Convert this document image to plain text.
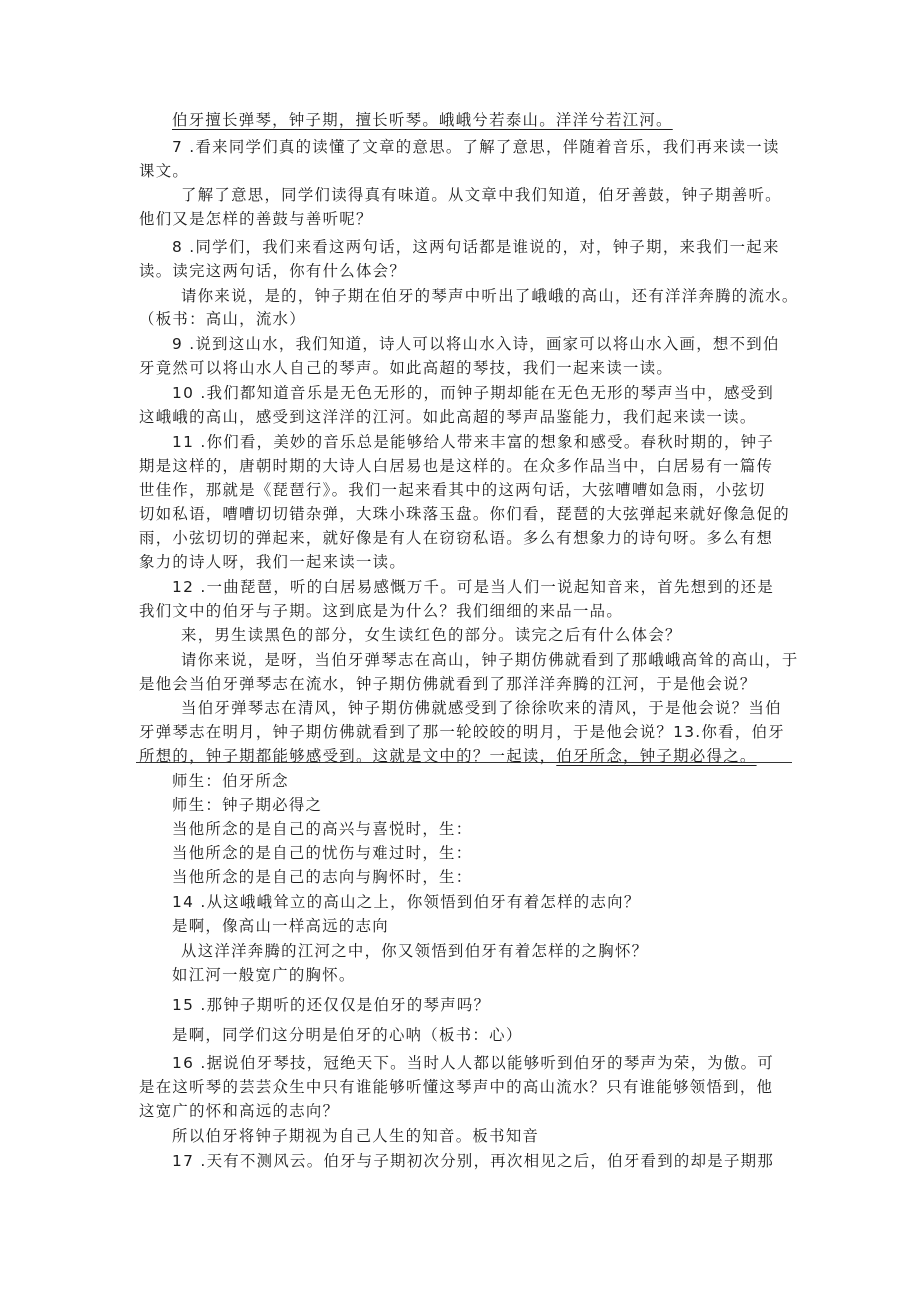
伯牙擅长弹琴，钟子期，擅长听琴。峨峨兮若泰山。洋洋兮若江河。
7 .看来同学们真的读懂了文章的意思。了解了意思，伴随着音乐，我们再来读一读
课文。
了解了意思，同学们读得真有味道。从文章中我们知道，伯牙善鼓，钟子期善听。
他们又是怎样的善鼓与善听呢？
8 .同学们，我们来看这两句话，这两句话都是谁说的，对，钟子期，来我们一起来
读。读完这两句话，你有什么体会？
请你来说，是的，钟子期在伯牙的琴声中听出了峨峨的高山，还有洋洋奔腾的流水。
（板书：高山，流水）
9 .说到这山水，我们知道，诗人可以将山水入诗，画家可以将山水入画，想不到伯
牙竟然可以将山水人自己的琴声。如此高超的琴技，我们一起来读一读。
10 .我们都知道音乐是无色无形的，而钟子期却能在无色无形的琴声当中，感受到
这峨峨的高山，感受到这洋洋的江河。如此高超的琴声品鉴能力，我们起来读一读。
11 .你们看，美妙的音乐总是能够给人带来丰富的想象和感受。春秋时期的，钟子
期是这样的，唐朝时期的大诗人白居易也是这样的。在众多作品当中，白居易有一篇传
世佳作，那就是《琵琶行》。我们一起来看其中的这两句话，大弦嘈嘈如急雨，小弦切
切如私语，嘈嘈切切错杂弹，大珠小珠落玉盘。你们看，琵琶的大弦弹起来就好像急促的
雨，小弦切切的弹起来，就好像是有人在窃窃私语。多么有想象力的诗句呀。多么有想
象力的诗人呀，我们一起来读一读。
12 .一曲琵琶，听的白居易感慨万千。可是当人们一说起知音来，首先想到的还是
我们文中的伯牙与子期。这到底是为什么？我们细细的来品一品。
来，男生读黑色的部分，女生读红色的部分。读完之后有什么体会？
请你来说，是呀，当伯牙弹琴志在高山，钟子期仿佛就看到了那峨峨高耸的高山，于
是他会当伯牙弹琴志在流水，钟子期仿佛就看到了那洋洋奔腾的江河，于是他会说？
当伯牙弹琴志在清风，钟子期仿佛就感受到了徐徐吹来的清风，于是他会说？当伯
牙弹琴志在明月，钟子期仿佛就看到了那一轮皎皎的明月，于是他会说？13.你看，伯牙
所想的，钟子期都能够感受到。这就是文中的？一起读，伯牙所念，钟子期必得之。
师生：伯牙所念
师生：钟子期必得之
当他所念的是自己的高兴与喜悦时，生：
当他所念的是自己的忧伤与难过时，生：
当他所念的是自己的志向与胸怀时，生：
14 .从这峨峨耸立的高山之上，你领悟到伯牙有着怎样的志向？
是啊，像高山一样高远的志向
从这洋洋奔腾的江河之中，你又领悟到伯牙有着怎样的之胸怀？
如江河一般宽广的胸怀。
15 .那钟子期听的还仅仅是伯牙的琴声吗？
是啊，同学们这分明是伯牙的心呐（板书：心）
16 .据说伯牙琴技，冠绝天下。当时人人都以能够听到伯牙的琴声为荣，为傲。可
是在这听琴的芸芸众生中只有谁能够听懂这琴声中的高山流水？只有谁能够领悟到，他
这宽广的怀和高远的志向？
所以伯牙将钟子期视为自己人生的知音。板书知音
17 .天有不测风云。伯牙与子期初次分别，再次相见之后，伯牙看到的却是子期那
